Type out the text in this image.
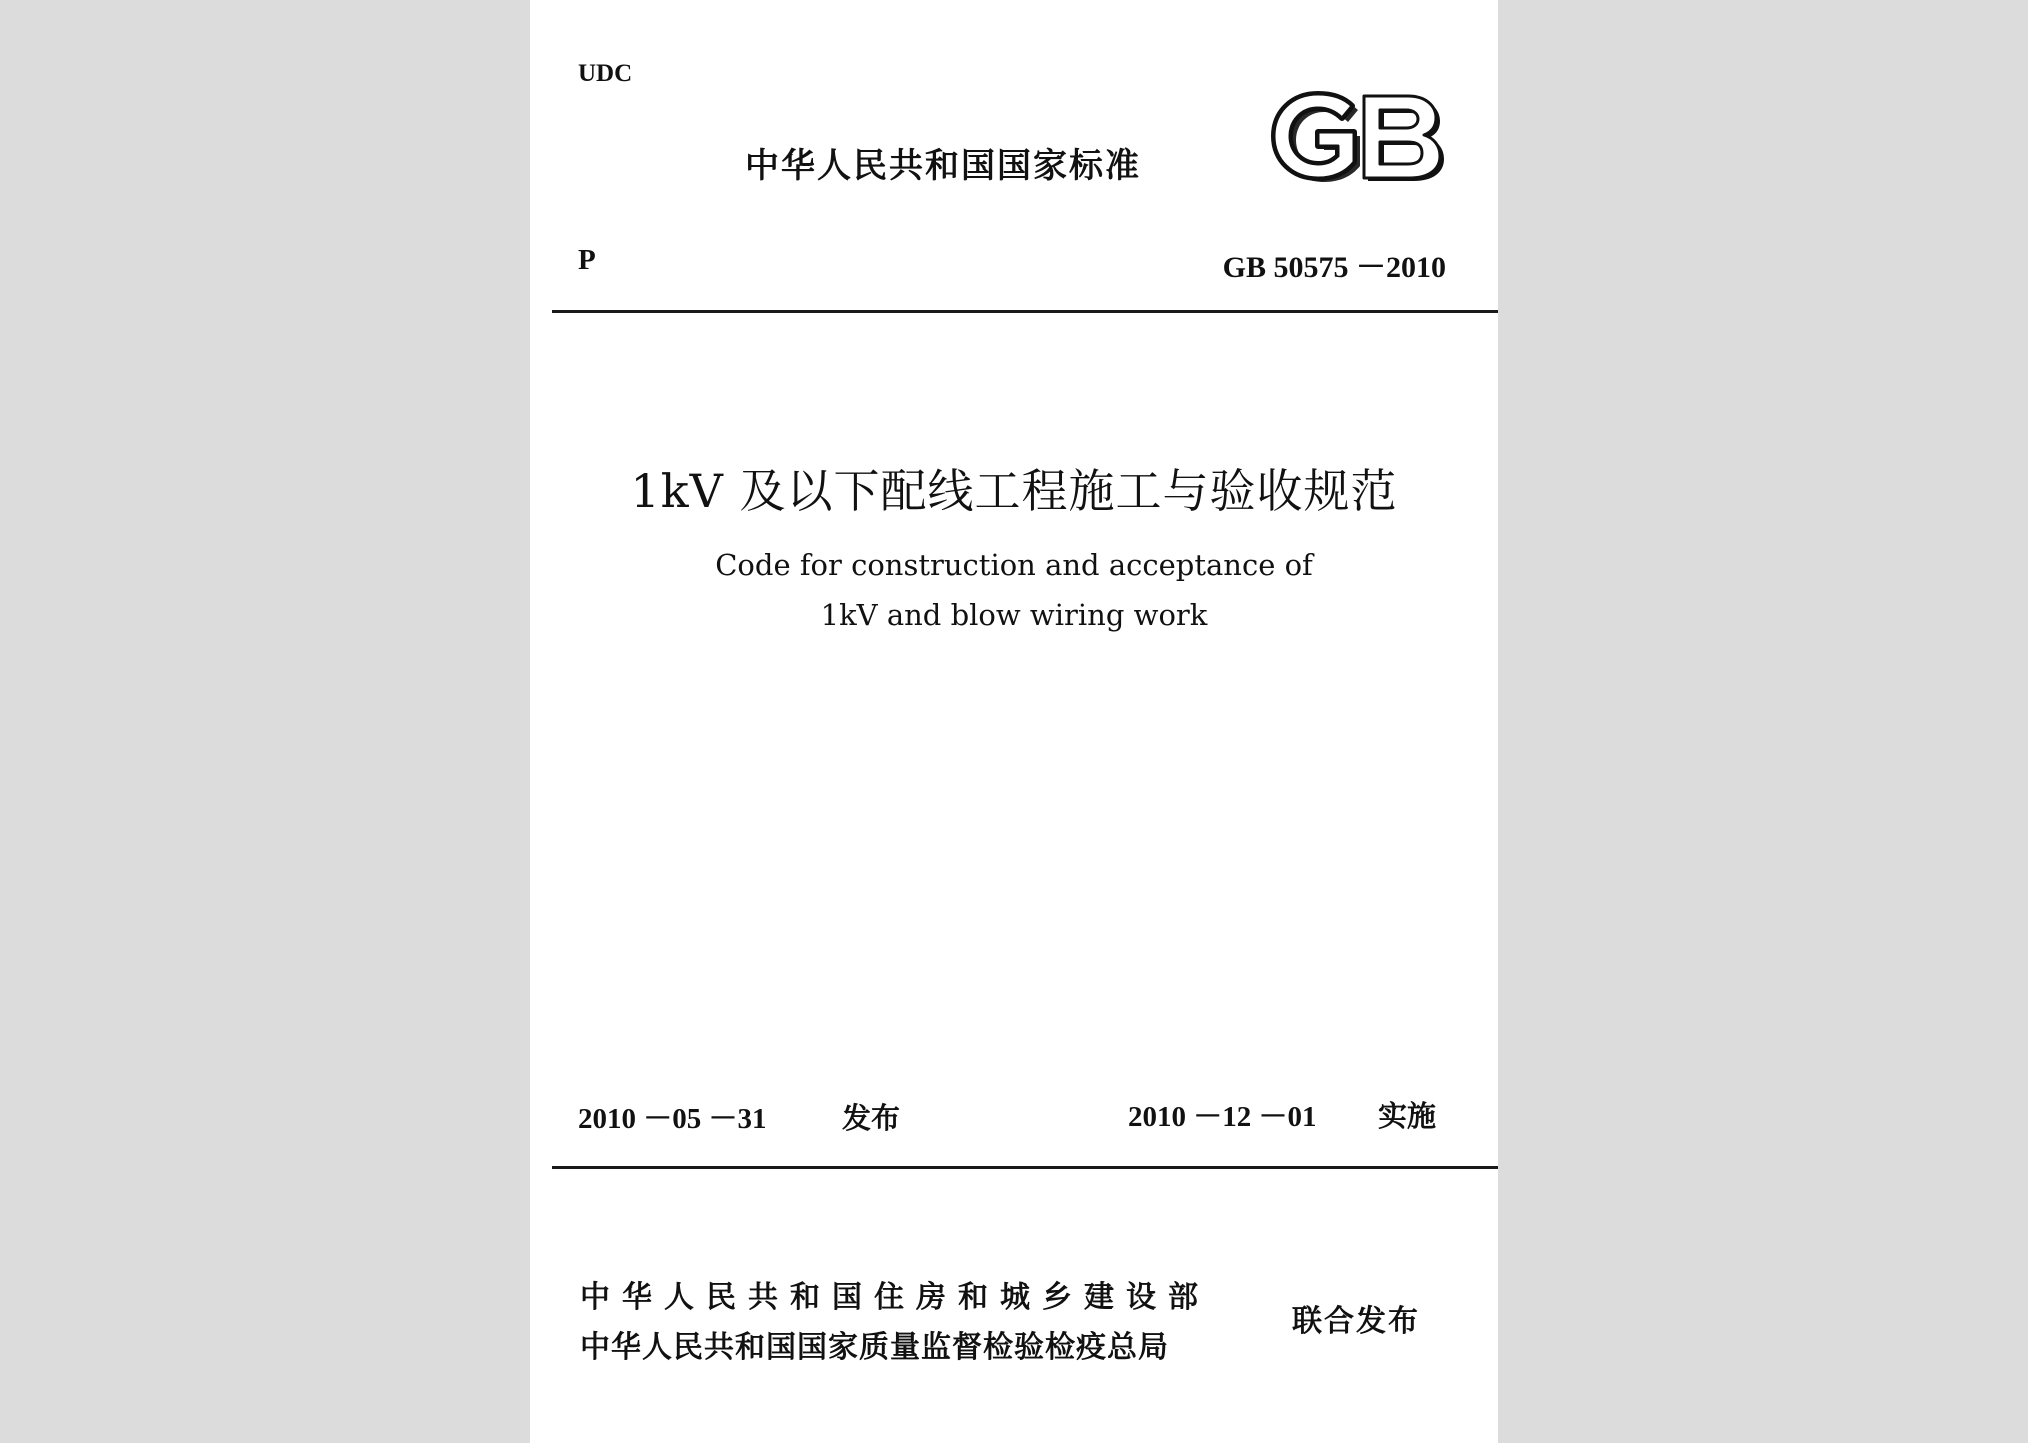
UDC
中华人民共和国国家标准
P	GB 50575 －2010
1kV 及以下配线工程施工与验收规范
Code for construction and acceptance of
1kV and blow wiring work
2010 －05 －31	发布	2010 －12 －01 实施
中华人民共和国住房和城乡建设部
中华人民共和国国家质量监督检验检疫总局
联合发布
